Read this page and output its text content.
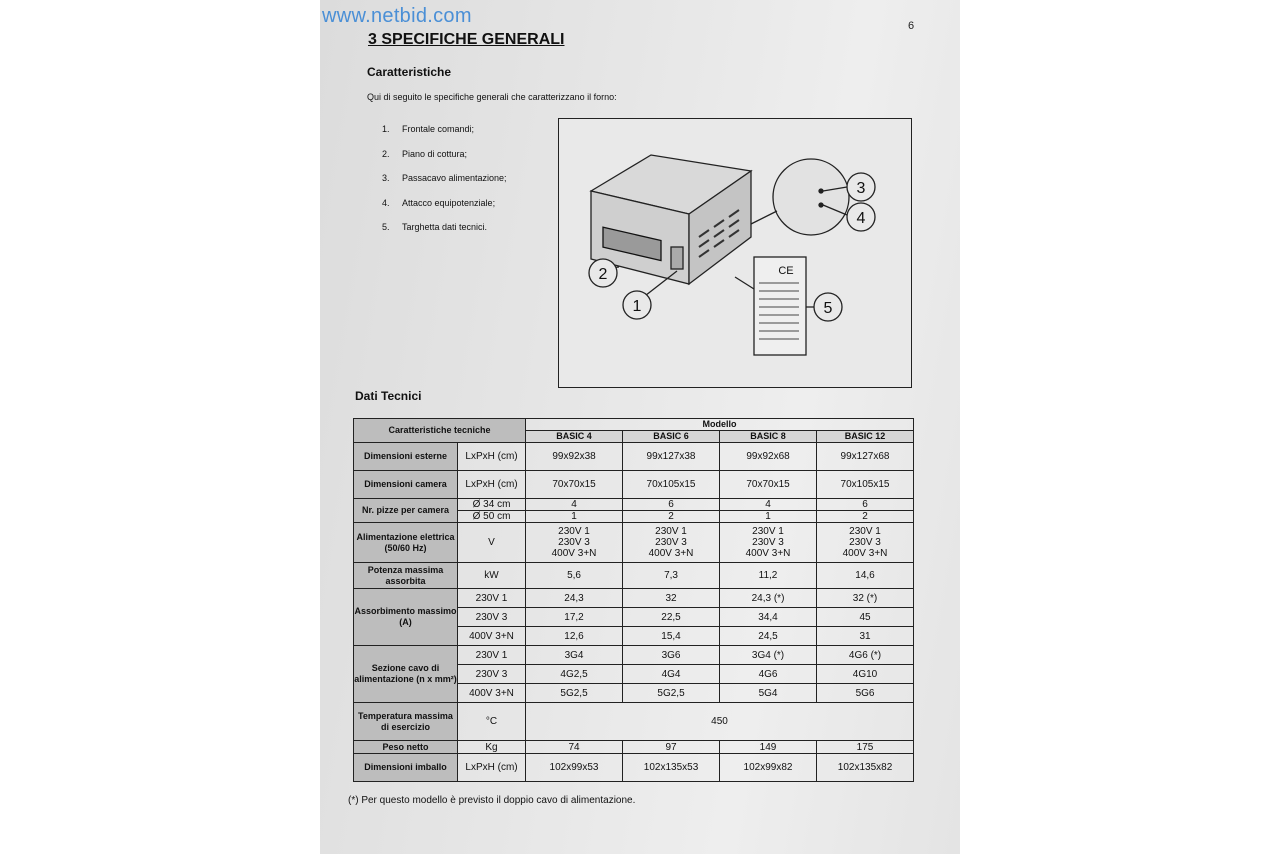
6
3 SPECIFICHE GENERALI
Caratteristiche
Qui di seguito le specifiche generali che caratterizzano il forno:
1.	Frontale comandi;
2.	Piano di cottura;
3.	Passacavo alimentazione;
4.	Attacco equipotenziale;
5.	Targhetta dati tecnici.
3
4
2
1	5
CE
Dati Tecnici
Caratteristiche tecniche		Modello			
		BASIC 4	BASIC 6	BASIC 8	BASIC 12
Dimensioni esterne	LxPxH (cm)	99x92x38	99x127x38	99x92x68	99x127x68
Dimensioni camera	LxPxH (cm)	70x70x15	70x105x15	70x70x15	70x105x15
Nr. pizze per camera	Ø 34 cm	4	6	4	6
	Ø 50 cm	1	2	1	2
Alimentazione elettrica (50/60 Hz)	V	230V 1
230V 3
400V 3+N	230V 1
230V 3
400V 3+N	230V 1
230V 3
400V 3+N	230V 1
230V 3
400V 3+N
Potenza massima assorbita	kW	5,6	7,3	11,2	14,6
Assorbimento massimo (A)	230V 1	24,3	32	24,3 (*)	32 (*)
	230V 3	17,2	22,5	34,4	45
	400V 3+N	12,6	15,4	24,5	31
Sezione cavo di alimentazione (n x mm²)	230V 1	3G4	3G6	3G4 (*)	4G6 (*)
	230V 3	4G2,5	4G4	4G6	4G10
	400V 3+N	5G2,5	5G2,5	5G4	5G6
Temperatura massima di esercizio	°C	450			
Peso netto	Kg	74	97	149	175
Dimensioni imballo	LxPxH (cm)	102x99x53	102x135x53	102x99x82	102x135x82
(*) Per questo modello è previsto il doppio cavo di alimentazione.
www.netbid.com
